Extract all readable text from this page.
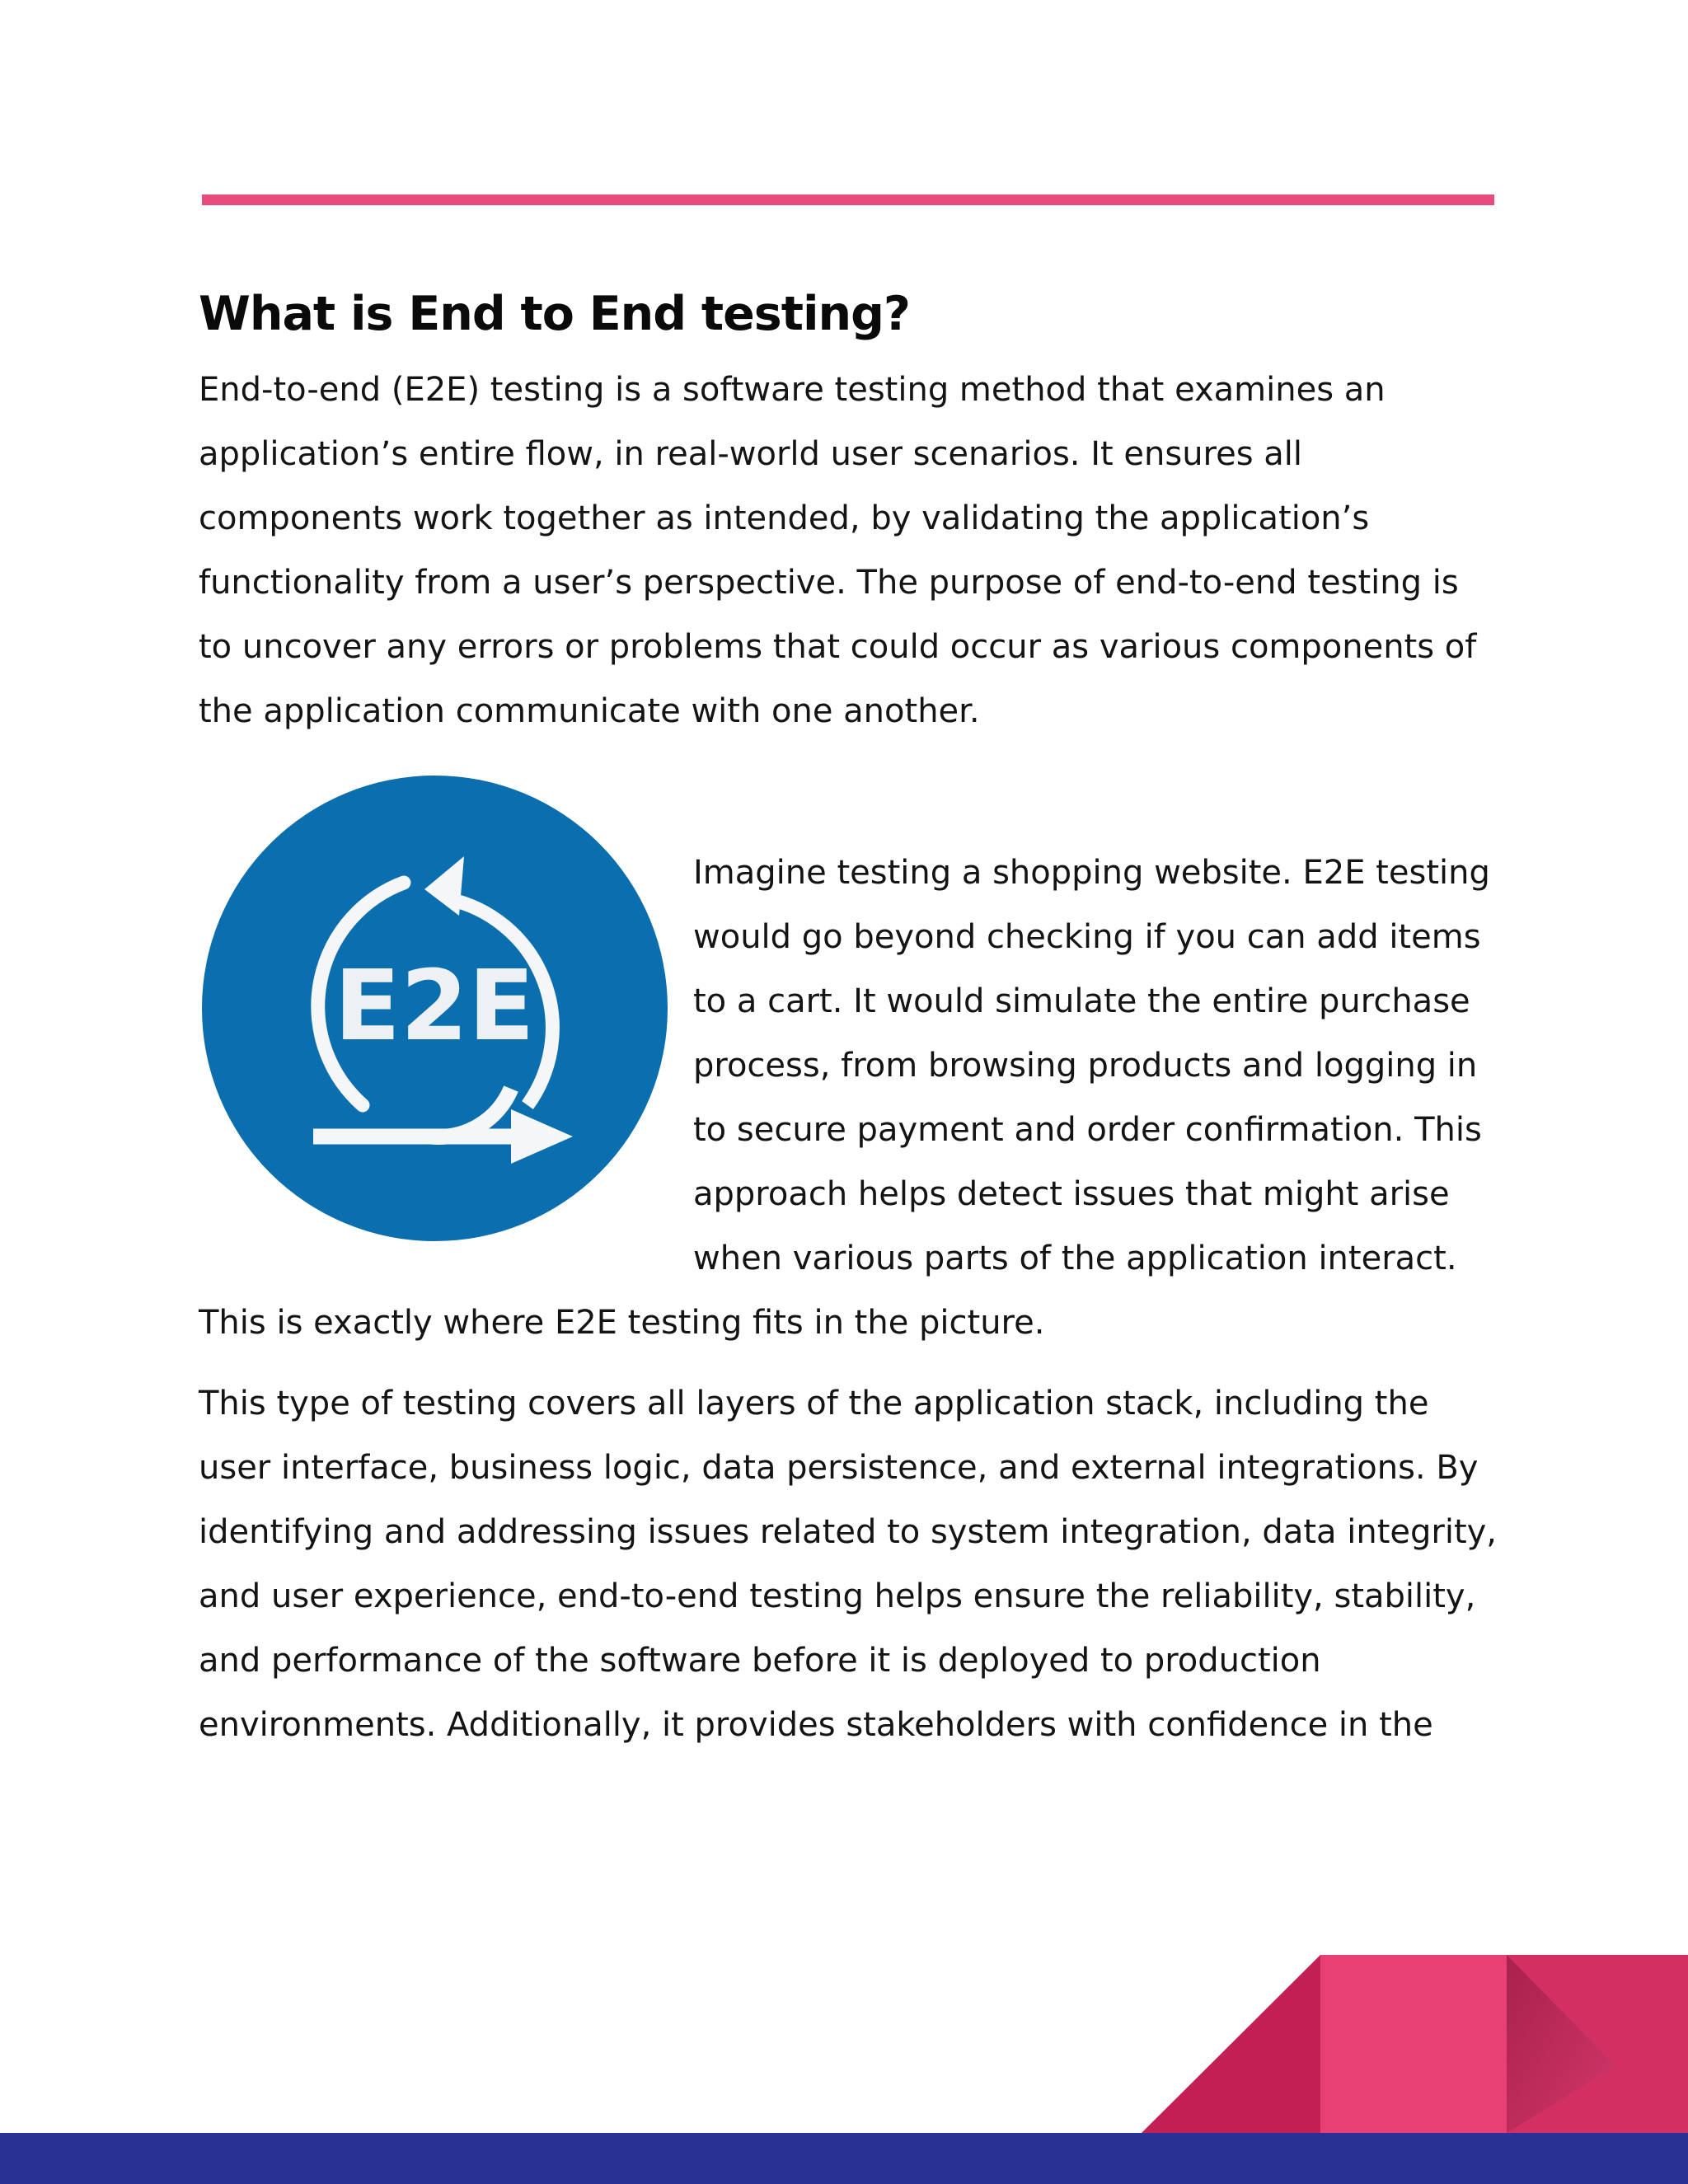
What is End to End testing?
End-to-end (E2E) testing is a software testing method that examines an
application’s entire flow, in real-world user scenarios. It ensures all
components work together as intended, by validating the application’s
functionality from a user’s perspective. The purpose of end-to-end testing is
to uncover any errors or problems that could occur as various components of
the application communicate with one another.
E2E
Imagine testing a shopping website. E2E testing
would go beyond checking if you can add items
to a cart. It would simulate the entire purchase
process, from browsing products and logging in
to secure payment and order confirmation. This
approach helps detect issues that might arise
when various parts of the application interact.
This is exactly where E2E testing fits in the picture.
This type of testing covers all layers of the application stack, including the
user interface, business logic, data persistence, and external integrations. By
identifying and addressing issues related to system integration, data integrity,
and user experience, end-to-end testing helps ensure the reliability, stability,
and performance of the software before it is deployed to production
environments. Additionally, it provides stakeholders with confidence in the
